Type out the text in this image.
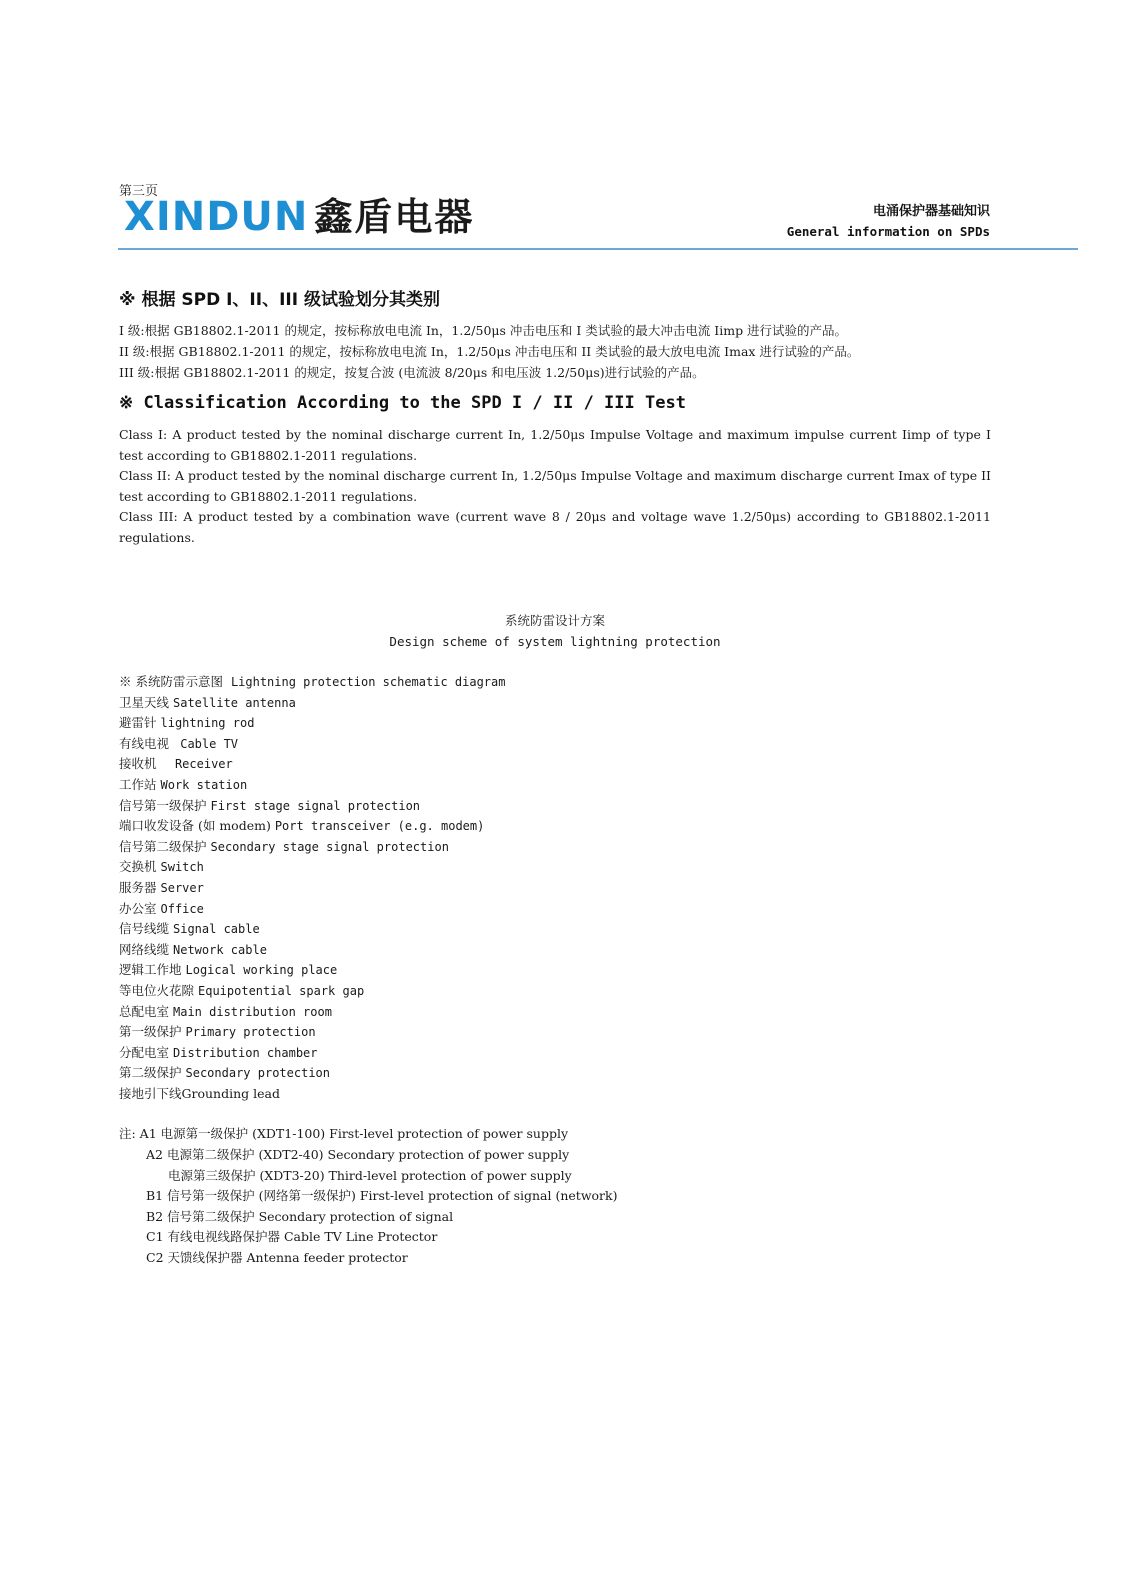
第三页
XINDUN 鑫盾电器	电涌保护器基础知识
General information on SPDs
※ 根据 SPD I、II、III 级试验划分其类别
I 级:根据 GB18802.1-2011 的规定，按标称放电电流 In，1.2/50μs 冲击电压和 I 类试验的最大冲击电流 Iimp 进行试验的产品。
II 级:根据 GB18802.1-2011 的规定，按标称放电电流 In，1.2/50μs 冲击电压和 II 类试验的最大放电电流 Imax 进行试验的产品。
III 级:根据 GB18802.1-2011 的规定，按复合波 (电流波 8/20μs 和电压波 1.2/50μs)进行试验的产品。
※ Classification According to the SPD I / II / III Test

Class I: A product tested by the nominal discharge current In, 1.2/50μs Impulse Voltage and maximum impulse current Iimp of type I test according to GB18802.1-2011 regulations.

Class II: A product tested by the nominal discharge current In, 1.2/50μs Impulse Voltage and maximum discharge current Imax of type II test according to GB18802.1-2011 regulations.

Class III: A product tested by a combination wave (current wave 8 / 20μs and voltage wave 1.2/50μs) according to GB18802.1-2011 regulations.

系统防雷设计方案
Design scheme of system lightning protection
※ 系统防雷示意图 Lightning protection schematic diagram
卫星天线 Satellite antenna
避雷针 lightning rod
有线电视  Cable TV
接收机   Receiver
工作站 Work station
信号第一级保护 First stage signal protection
端口收发设备 (如 modem) Port transceiver (e.g. modem)
信号第二级保护 Secondary stage signal protection
交换机 Switch
服务器 Server
办公室 Office
信号线缆 Signal cable
网络线缆 Network cable
逻辑工作地 Logical working place
等电位火花隙 Equipotential spark gap
总配电室 Main distribution room
第一级保护 Primary protection
分配电室 Distribution chamber
第二级保护 Secondary protection
接地引下线Grounding lead
注: A1 电源第一级保护 (XDT1-100) First-level protection of power supply
A2 电源第二级保护 (XDT2-40) Secondary protection of power supply
电源第三级保护 (XDT3-20) Third-level protection of power supply
B1 信号第一级保护 (网络第一级保护) First-level protection of signal (network)
B2 信号第二级保护 Secondary protection of signal
C1 有线电视线路保护器 Cable TV Line Protector
C2 天馈线保护器 Antenna feeder protector
